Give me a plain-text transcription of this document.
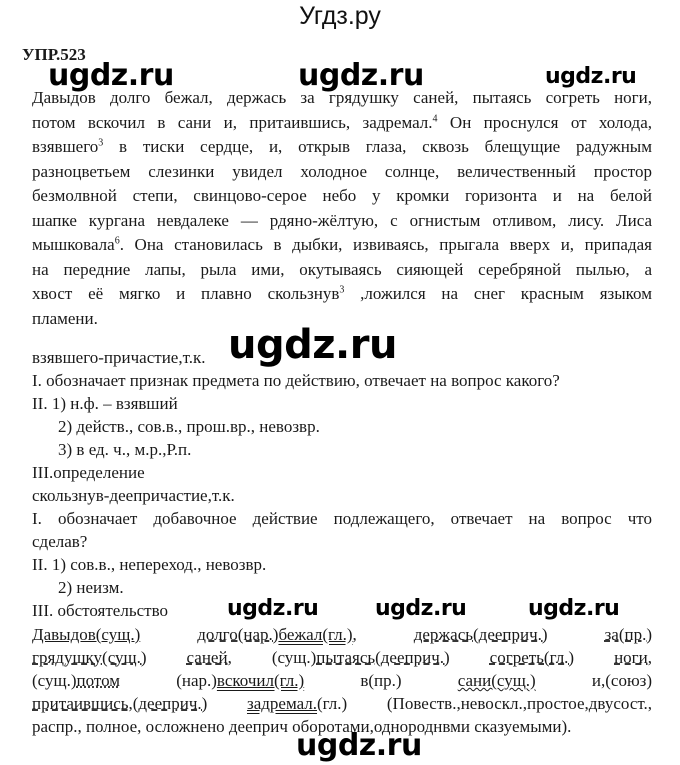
Угдз.ру
УПР.523
ugdz.ru	ugdz.ru	ugdz.ru
Давыдов долго бежал, держась за грядушку саней, пытаясь согреть ноги,
потом вскочил в сани и, притаившись, задремал.$^4$ Он проснулся от холода,
взявшего$^3$ в тиски сердце, и, открыв глаза, сквозь блещущие радужным
разноцветьем слезинки увидел холодное солнце, величественный простор
безмолвной степи, свинцово-серое небо у кромки горизонта и на белой
шапке кургана невдалеке — рдяно-жёлтую, с огнистым отливом, лису. Лиса
мышковала$^6$. Она становилась в дыбки, извиваясь, прыгала вверх и, припадая
на передние лапы, рыла ими, окутываясь сияющей серебряной пылью, а
хвост её мягко и плавно скользнув$^3$ ,ложился на снег красным языком
пламени.
ugdz.ru
взявшего-причастие,т.к.
I. обозначает признак предмета по действию, отвечает на вопрос какого?
II. 1) н.ф. – взявший
2) действ., сов.в., прош.вр., невозвр.
3) в ед. ч., м.р.,Р.п.
III.определение
скользнув-деепричастие,т.к.
I. обозначает добавочное действие подлежащего, отвечает на вопрос что
сделав?
II. 1) сов.в., непереход., невозвр.
2) неизм.
III. обстоятельство	ugdz.ru	ugdz.ru	ugdz.ru
Давыдов(сущ.)	долго(нар.)бежал(гл.),	держась(дееприч.)	за(пр.)
грядушку(сущ.) саней, (сущ.)пытаясь(дееприч.) согреть(гл.) ноги,
(сущ.)потом	(нар.)вскочил(гл.)	в(пр.)	сани(сущ.)	и,(союз)
притаившись,(дееприч.) задремал.(гл.) (Повеств.,невоскл.,простое,двусост.,
распр., полное, осложнено деeприч оборотами,однороднвми сказуемыми).
ugdz.ru
